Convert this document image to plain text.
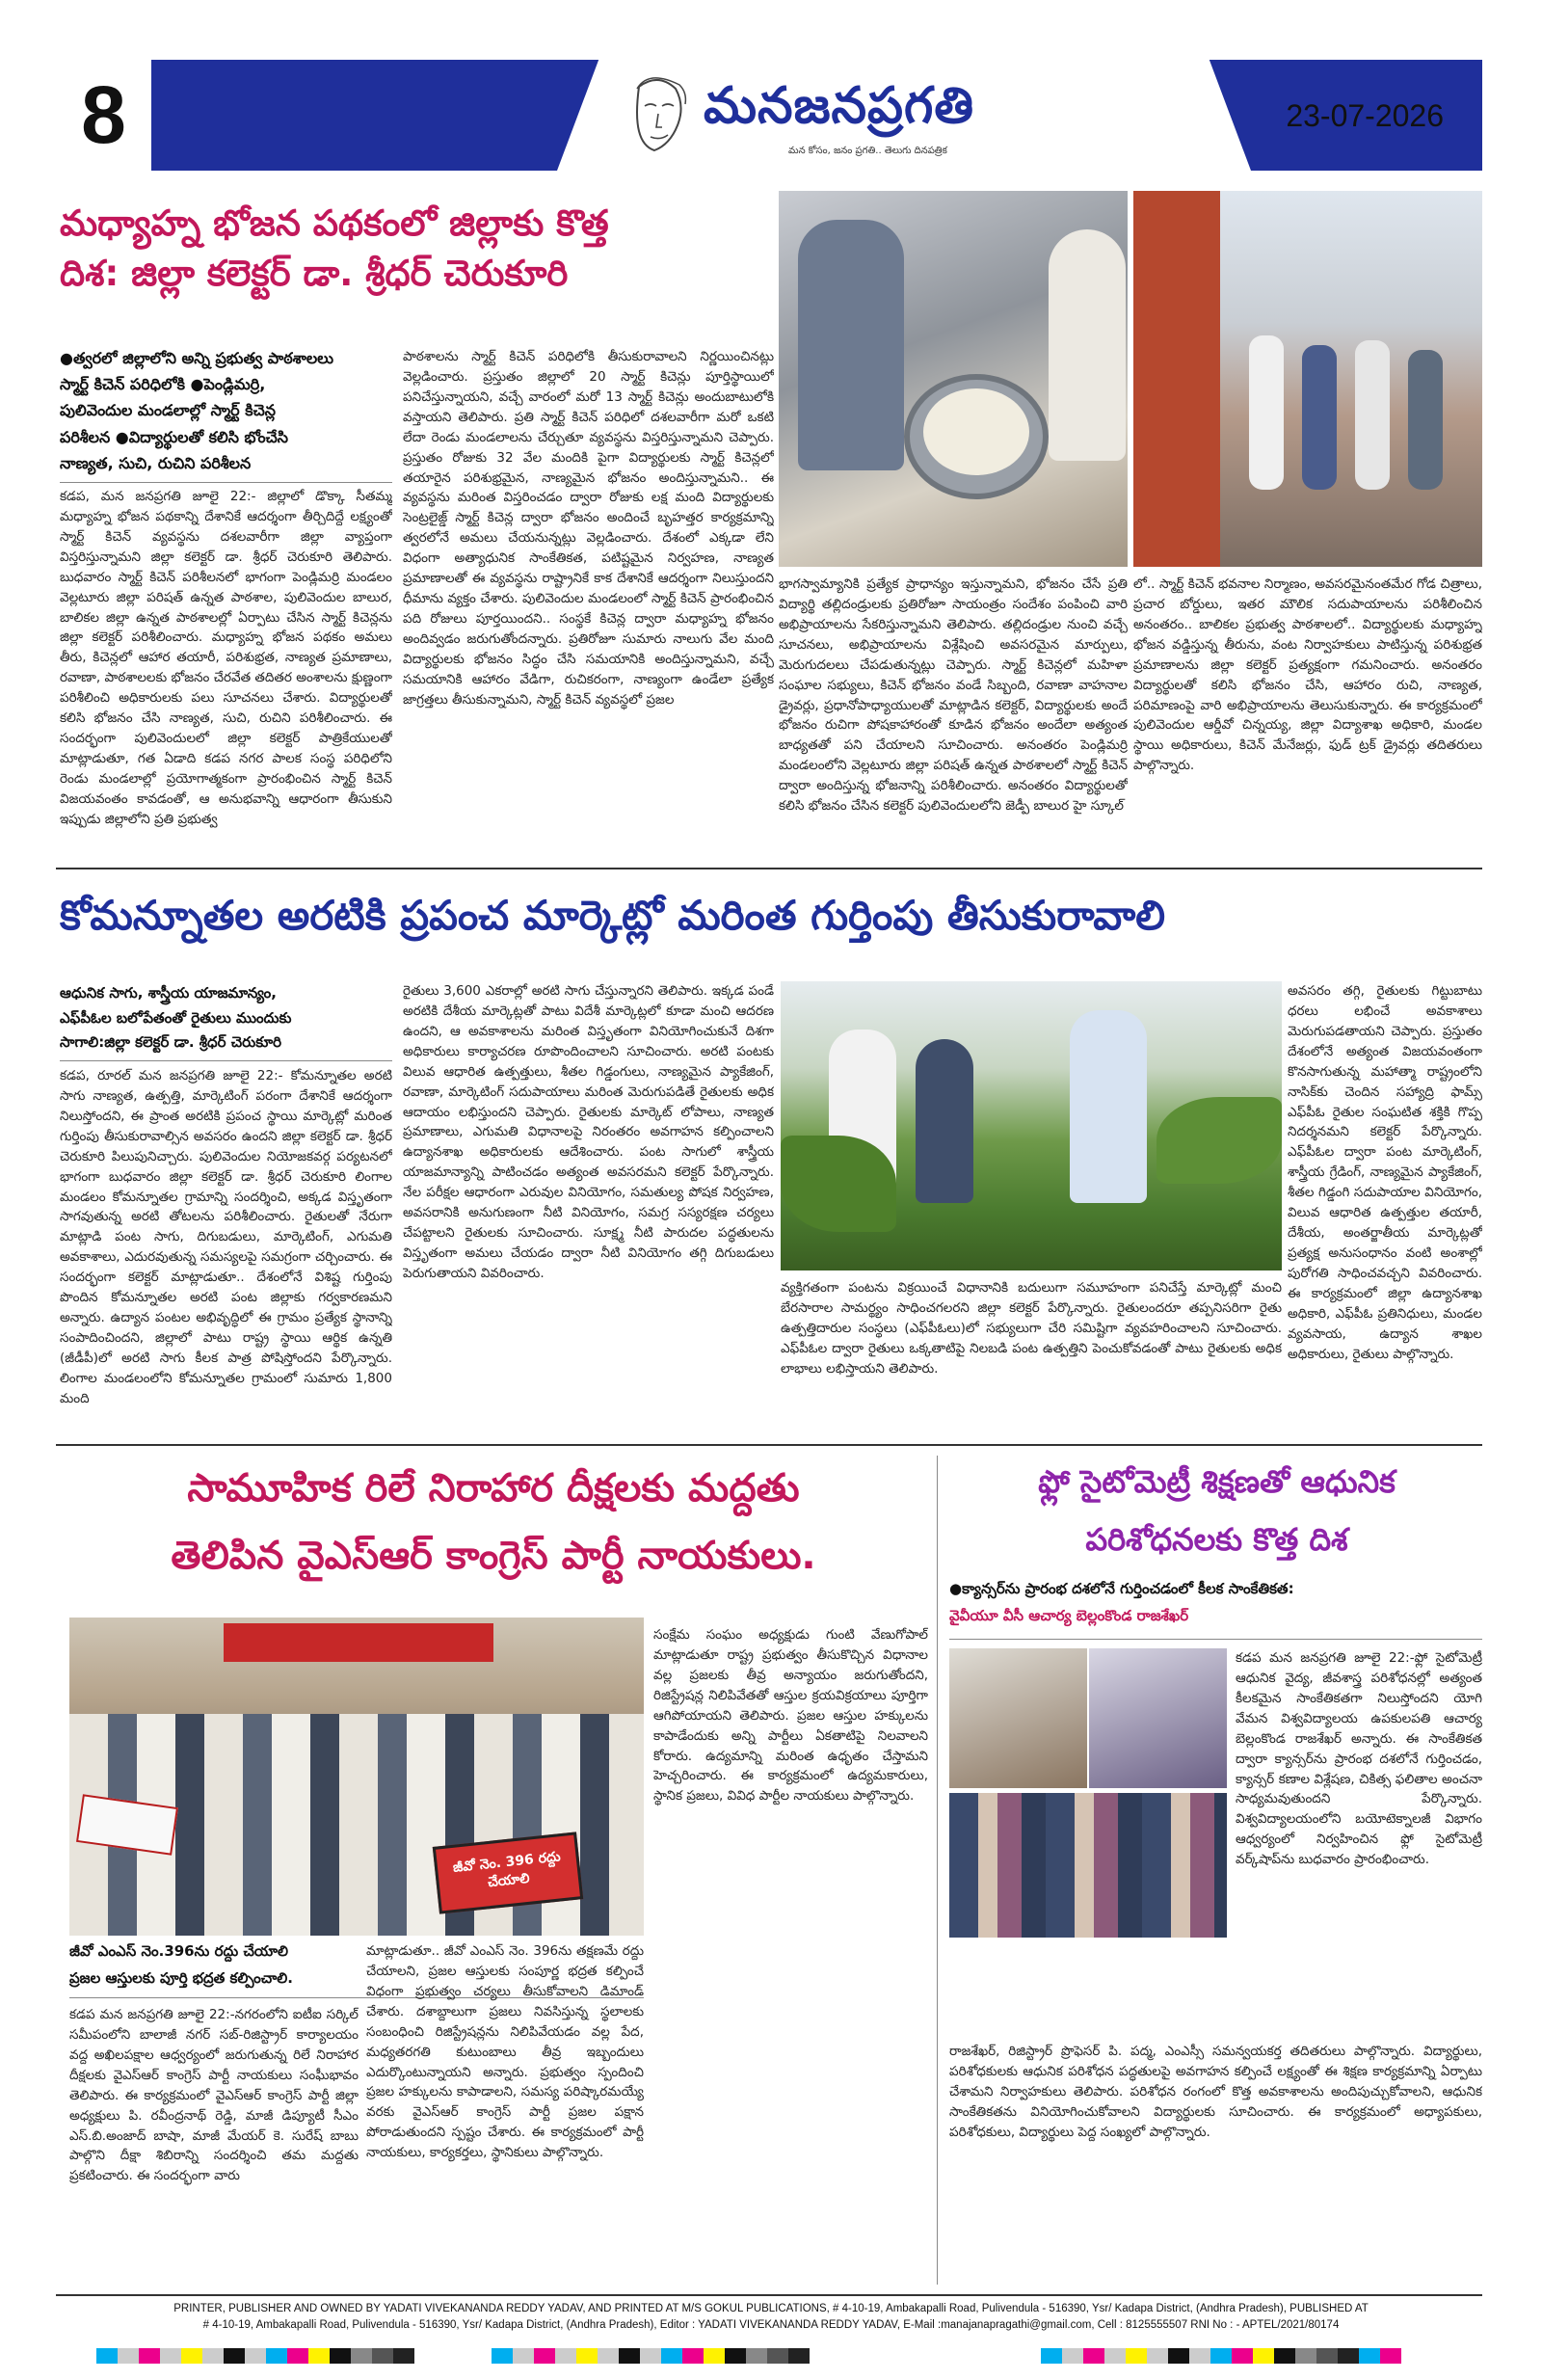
8	మనజనప్రగతి
మన కోసం, జనం ప్రగతి.. తెలుగు దినపత్రిక
23-07-2026
మధ్యాహ్న భోజన పథకంలో జిల్లాకు కొత్త
దిశ: జిల్లా కలెక్టర్ డా. శ్రీధర్ చెరుకూరి
●త్వరలో జిల్లాలోని అన్ని ప్రభుత్వ పాఠశాలలు
స్మార్ట్ కిచెన్ పరిధిలోకి ●పెండ్లిమర్రి,
పులివెందుల మండలాల్లో స్మార్ట్ కిచెన్ల
పరిశీలన ●విద్యార్థులతో కలిసి భోంచేసి
నాణ్యత, సుచి, రుచిని పరిశీలన
కడప, మన జనప్రగతి జూలై 22:- జిల్లాలో డొక్కా సీతమ్మ మధ్యాహ్న భోజన పథకాన్ని దేశానికే ఆదర్శంగా తీర్చిదిద్దే లక్ష్యంతో స్మార్ట్ కిచెన్ వ్యవస్థను దశలవారీగా జిల్లా వ్యాప్తంగా విస్తరిస్తున్నామని జిల్లా కలెక్టర్ డా. శ్రీధర్ చెరుకూరి తెలిపారు. బుధవారం స్మార్ట్ కిచెన్ పరిశీలనలో భాగంగా పెండ్లిమర్రి మండలం వెల్లటూరు జిల్లా పరిషత్ ఉన్నత పాఠశాల, పులివెందుల బాలుర, బాలికల జిల్లా ఉన్నత పాఠశాలల్లో ఏర్పాటు చేసిన స్మార్ట్ కిచెన్లను జిల్లా కలెక్టర్ పరిశీలించారు. మధ్యాహ్న భోజన పథకం అమలు తీరు, కిచెన్లలో ఆహార తయారీ, పరిశుభ్రత, నాణ్యత ప్రమాణాలు, రవాణా, పాఠశాలలకు భోజనం చేరవేత తదితర అంశాలను క్షుణ్ణంగా పరిశీలించి అధికారులకు పలు సూచనలు చేశారు. విద్యార్థులతో కలిసి భోజనం చేసి నాణ్యత, సుచి, రుచిని పరిశీలించారు. ఈ సందర్భంగా పులివెందులలో జిల్లా కలెక్టర్ పాత్రికేయులతో మాట్లాడుతూ, గత ఏడాది కడప నగర పాలక సంస్థ పరిధిలోని రెండు మండలాల్లో ప్రయోగాత్మకంగా ప్రారంభించిన స్మార్ట్ కిచెన్ విజయవంతం కావడంతో, ఆ అనుభవాన్ని ఆధారంగా తీసుకుని ఇప్పుడు జిల్లాలోని ప్రతి ప్రభుత్వ
పాఠశాలను స్మార్ట్ కిచెన్ పరిధిలోకి తీసుకురావాలని నిర్ణయించినట్లు వెల్లడించారు. ప్రస్తుతం జిల్లాలో 20 స్మార్ట్ కిచెన్లు పూర్తిస్థాయిలో పనిచేస్తున్నాయని, వచ్చే వారంలో మరో 13 స్మార్ట్ కిచెన్లు అందుబాటులోకి వస్తాయని తెలిపారు. ప్రతి స్మార్ట్ కిచెన్ పరిధిలో దశలవారీగా మరో ఒకటి లేదా రెండు మండలాలను చేర్చుతూ వ్యవస్థను విస్తరిస్తున్నామని చెప్పారు. ప్రస్తుతం రోజుకు 32 వేల మందికి పైగా విద్యార్థులకు స్మార్ట్ కిచెన్లలో తయారైన పరిశుభ్రమైన, నాణ్యమైన భోజనం అందిస్తున్నామని.. ఈ వ్యవస్థను మరింత విస్తరించడం ద్వారా రోజుకు లక్ష మంది విద్యార్థులకు సెంట్రలైజ్డ్ స్మార్ట్ కిచెన్ల ద్వారా భోజనం అందించే బృహత్తర కార్యక్రమాన్ని త్వరలోనే అమలు చేయనున్నట్లు వెల్లడించారు. దేశంలో ఎక్కడా లేని విధంగా అత్యాధునిక సాంకేతికత, పటిష్టమైన నిర్వహణ, నాణ్యత ప్రమాణాలతో ఈ వ్యవస్థను రాష్ట్రానికే కాక దేశానికే ఆదర్శంగా నిలుస్తుందని ధీమాను వ్యక్తం చేశారు. పులివెందుల మండలంలో స్మార్ట్ కిచెన్ ప్రారంభించిన పది రోజులు పూర్తయిందని.. సంస్థకే కిచెన్ల ద్వారా మధ్యాహ్న భోజనం అందివ్వడం జరుగుతోందన్నారు. ప్రతిరోజూ సుమారు నాలుగు వేల మంది విద్యార్థులకు భోజనం సిద్ధం చేసి సమయానికి అందిస్తున్నామని, వచ్చే సమయానికి ఆహారం వేడిగా, రుచికరంగా, నాణ్యంగా ఉండేలా ప్రత్యేక జాగ్రత్తలు తీసుకున్నామని, స్మార్ట్ కిచెన్ వ్యవస్థలో ప్రజల
భాగస్వామ్యానికి ప్రత్యేక ప్రాధాన్యం ఇస్తున్నామని, భోజనం చేసే ప్రతి విద్యార్థి తల్లిదండ్రులకు ప్రతిరోజూ సాయంత్రం సందేశం పంపించి వారి అభిప్రాయాలను సేకరిస్తున్నామని తెలిపారు. తల్లిదండ్రుల నుంచి వచ్చే సూచనలు, అభిప్రాయాలను విశ్లేషించి అవసరమైన మార్పులు, మెరుగుదలలు చేపడుతున్నట్లు చెప్పారు. స్మార్ట్ కిచెన్లలో మహిళా సంఘాల సభ్యులు, కిచెన్ భోజనం వండే సిబ్బంది, రవాణా వాహనాల డ్రైవర్లు, ప్రధానోపాధ్యాయులతో మాట్లాడిన కలెక్టర్, విద్యార్థులకు అందే భోజనం రుచిగా పోషకాహారంతో కూడిన భోజనం అందేలా అత్యంత బాధ్యతతో పని చేయాలని సూచించారు. అనంతరం పెండ్లిమర్రి మండలంలోని వెల్లటూరు జిల్లా పరిషత్ ఉన్నత పాఠశాలలో స్మార్ట్ కిచెన్ ద్వారా అందిస్తున్న భోజనాన్ని పరిశీలించారు. అనంతరం విద్యార్థులతో కలిసి భోజనం చేసిన కలెక్టర్ పులివెందులలోని జెడ్పీ బాలుర హై స్కూల్
లో.. స్మార్ట్ కిచెన్ భవనాల నిర్మాణం, అవసరమైనంతమేర గోడ చిత్రాలు, ప్రచార బోర్డులు, ఇతర మౌలిక సదుపాయాలను పరిశీలించిన అనంతరం.. బాలికల ప్రభుత్వ పాఠశాలలో.. విద్యార్థులకు మధ్యాహ్న భోజన వడ్డిస్తున్న తీరును, వంట నిర్వాహకులు పాటిస్తున్న పరిశుభ్రత ప్రమాణాలను జిల్లా కలెక్టర్ ప్రత్యక్షంగా గమనించారు. అనంతరం విద్యార్థులతో కలిసి భోజనం చేసి, ఆహారం రుచి, నాణ్యత, పరిమాణంపై వారి అభిప్రాయాలను తెలుసుకున్నారు. ఈ కార్యక్రమంలో పులివెందుల ఆర్డీవో చిన్నయ్య, జిల్లా విద్యాశాఖ అధికారి, మండల స్థాయి అధికారులు, కిచెన్ మేనేజర్లు, ఫుడ్ ట్రక్ డ్రైవర్లు తదితరులు పాల్గొన్నారు.
కోమన్నూతల అరటికి ప్రపంచ మార్కెట్లో మరింత గుర్తింపు తీసుకురావాలి
ఆధునిక సాగు, శాస్త్రీయ యాజమాన్యం,
ఎఫ్‌పీఓల బలోపేతంతో రైతులు ముందుకు
సాగాలి:జిల్లా కలెక్టర్ డా. శ్రీధర్ చెరుకూరి
కడప, రూరల్ మన జనప్రగతి జూలై 22:- కోమన్నూతల అరటి సాగు నాణ్యత, ఉత్పత్తి, మార్కెటింగ్ పరంగా దేశానికే ఆదర్శంగా నిలుస్తోందని, ఈ ప్రాంత అరటికి ప్రపంచ స్థాయి మార్కెట్లో మరింత గుర్తింపు తీసుకురావాల్సిన అవసరం ఉందని జిల్లా కలెక్టర్ డా. శ్రీధర్ చెరుకూరి పిలుపునిచ్చారు. పులివెందుల నియోజకవర్గ పర్యటనలో భాగంగా బుధవారం జిల్లా కలెక్టర్ డా. శ్రీధర్ చెరుకూరి లింగాల మండలం కోమన్నూతల గ్రామాన్ని సందర్శించి, అక్కడ విస్తృతంగా సాగవుతున్న అరటి తోటలను పరిశీలించారు. రైతులతో నేరుగా మాట్లాడి పంట సాగు, దిగుబడులు, మార్కెటింగ్, ఎగుమతి అవకాశాలు, ఎదురవుతున్న సమస్యలపై సమగ్రంగా చర్చించారు. ఈ సందర్భంగా కలెక్టర్ మాట్లాడుతూ.. దేశంలోనే విశిష్ట గుర్తింపు పొందిన కోమన్నూతల అరటి పంట జిల్లాకు గర్వకారణమని అన్నారు. ఉద్యాన పంటల అభివృద్ధిలో ఈ గ్రామం ప్రత్యేక స్థానాన్ని సంపాదించిందని, జిల్లాలో పాటు రాష్ట్ర స్థాయి ఆర్థిక ఉన్నతి (జీడీపీ)లో అరటి సాగు కీలక పాత్ర పోషిస్తోందని పేర్కొన్నారు. లింగాల మండలంలోని కోమన్నూతల గ్రామంలో సుమారు 1,800 మంది
రైతులు 3,600 ఎకరాల్లో అరటి సాగు చేస్తున్నారని తెలిపారు. ఇక్కడ పండే అరటికి దేశీయ మార్కెట్లతో పాటు విదేశీ మార్కెట్లలో కూడా మంచి ఆదరణ ఉందని, ఆ అవకాశాలను మరింత విస్తృతంగా వినియోగించుకునే దిశగా అధికారులు కార్యాచరణ రూపొందించాలని సూచించారు. అరటి పంటకు విలువ ఆధారిత ఉత్పత్తులు, శీతల గిడ్డంగులు, నాణ్యమైన ప్యాకేజింగ్, రవాణా, మార్కెటింగ్ సదుపాయాలు మరింత మెరుగుపడితే రైతులకు అధిక ఆదాయం లభిస్తుందని చెప్పారు. రైతులకు మార్కెట్ లోపాలు, నాణ్యత ప్రమాణాలు, ఎగుమతి విధానాలపై నిరంతరం అవగాహన కల్పించాలని ఉద్యానశాఖ అధికారులకు ఆదేశించారు. పంట సాగులో శాస్త్రీయ యాజమాన్యాన్ని పాటించడం అత్యంత అవసరమని కలెక్టర్ పేర్కొన్నారు. నేల పరీక్షల ఆధారంగా ఎరువుల వినియోగం, సమతుల్య పోషక నిర్వహణ, అవసరానికి అనుగుణంగా నీటి వినియోగం, సమగ్ర సస్యరక్షణ చర్యలు చేపట్టాలని రైతులకు సూచించారు. సూక్ష్మ నీటి పారుదల పద్ధతులను విస్తృతంగా అమలు చేయడం ద్వారా నీటి వినియోగం తగ్గి దిగుబడులు పెరుగుతాయని వివరించారు.
వ్యక్తిగతంగా పంటను విక్రయించే విధానానికి బదులుగా సమూహంగా పనిచేస్తే మార్కెట్లో మంచి బేరసారాల సామర్థ్యం సాధించగలరని జిల్లా కలెక్టర్ పేర్కొన్నారు. రైతులందరూ తప్పనిసరిగా రైతు ఉత్పత్తిదారుల సంస్థలు (ఎఫ్‌పీఓలు)లో సభ్యులుగా చేరి సమిష్టిగా వ్యవహరించాలని సూచించారు. ఎఫ్‌పీఓల ద్వారా రైతులు ఒక్కతాటిపై నిలబడి పంట ఉత్పత్తిని పెంచుకోవడంతో పాటు రైతులకు అధిక లాభాలు లభిస్తాయని తెలిపారు.
అవసరం తగ్గి, రైతులకు గిట్టుబాటు ధరలు లభించే అవకాశాలు మెరుగుపడతాయని చెప్పారు. ప్రస్తుతం దేశంలోనే అత్యంత విజయవంతంగా కొనసాగుతున్న మహాత్మా రాష్ట్రంలోని నాసిక్‌కు చెందిన సహ్యాద్రి ఫామ్స్ ఎఫ్‌పీఓ రైతుల సంఘటిత శక్తికి గొప్ప నిదర్శనమని కలెక్టర్ పేర్కొన్నారు. ఎఫ్‌పీఓల ద్వారా పంట మార్కెటింగ్, శాస్త్రీయ గ్రేడింగ్, నాణ్యమైన ప్యాకేజింగ్, శీతల గిడ్డంగి సదుపాయాల వినియోగం, విలువ ఆధారిత ఉత్పత్తుల తయారీ, దేశీయ, అంతర్జాతీయ మార్కెట్లతో ప్రత్యక్ష అనుసంధానం వంటి అంశాల్లో పురోగతి సాధించవచ్చని వివరించారు. ఈ కార్యక్రమంలో జిల్లా ఉద్యానశాఖ అధికారి, ఎఫ్‌పీఓ ప్రతినిధులు, మండల వ్యవసాయ, ఉద్యాన శాఖల అధికారులు, రైతులు పాల్గొన్నారు.
సామూహిక రిలే నిరాహార దీక్షలకు మద్దతు
తెలిపిన వైఎస్ఆర్ కాంగ్రెస్ పార్టీ నాయకులు.
జీవో నెం. 396 రద్దు చేయాలి
జీవో ఎంఎస్ నెం.396ను రద్దు చేయాలి
ప్రజల ఆస్తులకు పూర్తి భద్రత కల్పించాలి.
కడప మన జనప్రగతి జూలై 22:-నగరంలోని ఐటీఐ సర్కిల్ సమీపంలోని బాలాజీ నగర్ సబ్-రిజిస్ట్రార్ కార్యాలయం వద్ద అఖిలపక్షాల ఆధ్వర్యంలో జరుగుతున్న రిలే నిరాహార దీక్షలకు వైఎస్ఆర్ కాంగ్రెస్ పార్టీ నాయకులు సంఘీభావం తెలిపారు. ఈ కార్యక్రమంలో వైఎస్ఆర్ కాంగ్రెస్ పార్టీ జిల్లా అధ్యక్షులు పి. రవీంద్రనాథ్ రెడ్డి, మాజీ డిప్యూటీ సీఎం ఎస్.బి.అంజాద్ బాషా, మాజీ మేయర్ కె. సురేష్ బాబు పాల్గొని దీక్షా శిబిరాన్ని సందర్శించి తమ మద్దతు ప్రకటించారు. ఈ సందర్భంగా వారు
మాట్లాడుతూ.. జీవో ఎంఎస్ నెం. 396ను తక్షణమే రద్దు చేయాలని, ప్రజల ఆస్తులకు సంపూర్ణ భద్రత కల్పించే విధంగా ప్రభుత్వం చర్యలు తీసుకోవాలని డిమాండ్ చేశారు. దశాబ్దాలుగా ప్రజలు నివసిస్తున్న స్థలాలకు సంబంధించి రిజిస్ట్రేషన్లను నిలిపివేయడం వల్ల పేద, మధ్యతరగతి కుటుంబాలు తీవ్ర ఇబ్బందులు ఎదుర్కొంటున్నాయని అన్నారు. ప్రభుత్వం స్పందించి ప్రజల హక్కులను కాపాడాలని, సమస్య పరిష్కారమయ్యే వరకు వైఎస్ఆర్ కాంగ్రెస్ పార్టీ ప్రజల పక్షాన పోరాడుతుందని స్పష్టం చేశారు. ఈ కార్యక్రమంలో పార్టీ నాయకులు, కార్యకర్తలు, స్థానికులు పాల్గొన్నారు.
సంక్షేమ సంఘం అధ్యక్షుడు గుంటి వేణుగోపాల్ మాట్లాడుతూ రాష్ట్ర ప్రభుత్వం తీసుకొచ్చిన విధానాల వల్ల ప్రజలకు తీవ్ర అన్యాయం జరుగుతోందని, రిజిస్ట్రేషన్ల నిలిపివేతతో ఆస్తుల క్రయవిక్రయాలు పూర్తిగా ఆగిపోయాయని తెలిపారు. ప్రజల ఆస్తుల హక్కులను కాపాడేందుకు అన్ని పార్టీలు ఏకతాటిపై నిలవాలని కోరారు. ఉద్యమాన్ని మరింత ఉధృతం చేస్తామని హెచ్చరించారు. ఈ కార్యక్రమంలో ఉద్యమకారులు, స్థానిక ప్రజలు, వివిధ పార్టీల నాయకులు పాల్గొన్నారు.
ఫ్లో సైటోమెట్రీ శిక్షణతో ఆధునిక
పరిశోధనలకు కొత్త దిశ
●క్యాన్సర్‌ను ప్రారంభ దశలోనే గుర్తించడంలో కీలక సాంకేతికత:
వైవీయూ వీసీ ఆచార్య బెల్లంకొండ రాజశేఖర్
కడప మన జనప్రగతి జూలై 22:-ఫ్లో సైటోమెట్రీ ఆధునిక వైద్య, జీవశాస్త్ర పరిశోధనల్లో అత్యంత కీలకమైన సాంకేతికతగా నిలుస్తోందని యోగి వేమన విశ్వవిద్యాలయ ఉపకులపతి ఆచార్య బెల్లంకొండ రాజశేఖర్ అన్నారు. ఈ సాంకేతికత ద్వారా క్యాన్సర్‌ను ప్రారంభ దశలోనే గుర్తించడం, క్యాన్సర్ కణాల విశ్లేషణ, చికిత్స ఫలితాల అంచనా సాధ్యమవుతుందని పేర్కొన్నారు. విశ్వవిద్యాలయంలోని బయోటెక్నాలజీ విభాగం ఆధ్వర్యంలో నిర్వహించిన ఫ్లో సైటోమెట్రీ వర్క్‌షాప్‌ను బుధవారం ప్రారంభించారు.
రాజశేఖర్, రిజిస్ట్రార్ ప్రొఫెసర్ పి. పద్మ, ఎంఎస్సీ సమన్వయకర్త తదితరులు పాల్గొన్నారు. విద్యార్థులు, పరిశోధకులకు ఆధునిక పరిశోధన పద్ధతులపై అవగాహన కల్పించే లక్ష్యంతో ఈ శిక్షణ కార్యక్రమాన్ని ఏర్పాటు చేశామని నిర్వాహకులు తెలిపారు. పరిశోధన రంగంలో కొత్త అవకాశాలను అందిపుచ్చుకోవాలని, ఆధునిక సాంకేతికతను వినియోగించుకోవాలని విద్యార్థులకు సూచించారు. ఈ కార్యక్రమంలో అధ్యాపకులు, పరిశోధకులు, విద్యార్థులు పెద్ద సంఖ్యలో పాల్గొన్నారు.
PRINTER, PUBLISHER AND OWNED BY YADATI VIVEKANANDA REDDY YADAV, AND PRINTED AT M/S GOKUL PUBLICATIONS, # 4-10-19, Ambakapalli Road, Pulivendula - 516390, Ysr/ Kadapa District, (Andhra Pradesh), PUBLISHED AT
# 4-10-19, Ambakapalli Road, Pulivendula - 516390, Ysr/ Kadapa District, (Andhra Pradesh), Editor : YADATI VIVEKANANDA REDDY YADAV, E-Mail :manajanapragathi@gmail.com, Cell : 8125555507 RNI No : - APTEL/2021/80174
